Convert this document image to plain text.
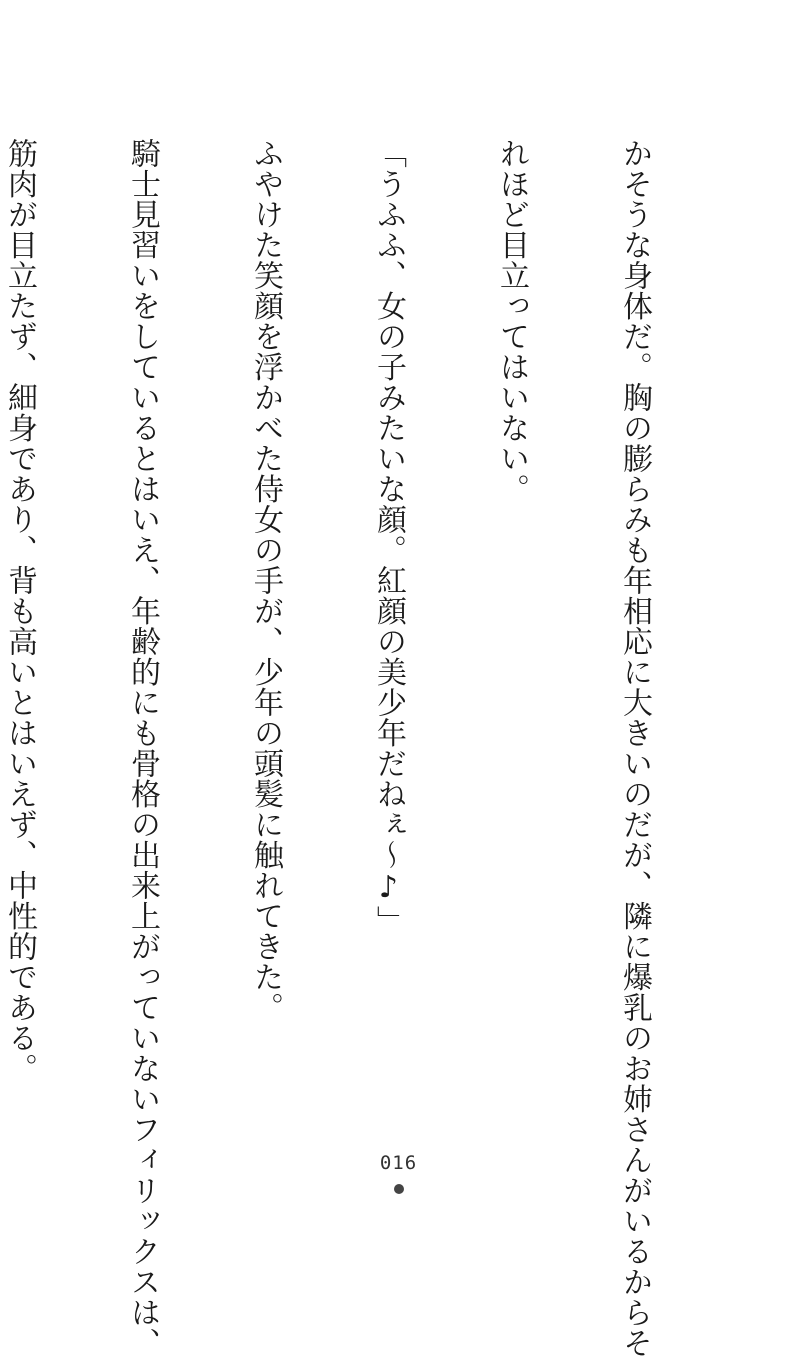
かそうな身体だ。胸の膨らみも年相応に大きいのだが、隣に爆乳のお姉さんがいるからそ

れほど目立ってはいない。

「うふふ、女の子みたいな顔。紅顔の美少年だねぇ〜♪」

ふやけた笑顔を浮かべた侍女の手が、少年の頭髪に触れてきた。

騎士見習いをしているとはいえ、年齢的にも骨格の出来上がっていないフィリックスは、

筋肉が目立たず、細身であり、背も高いとはいえず、中性的である。

016
